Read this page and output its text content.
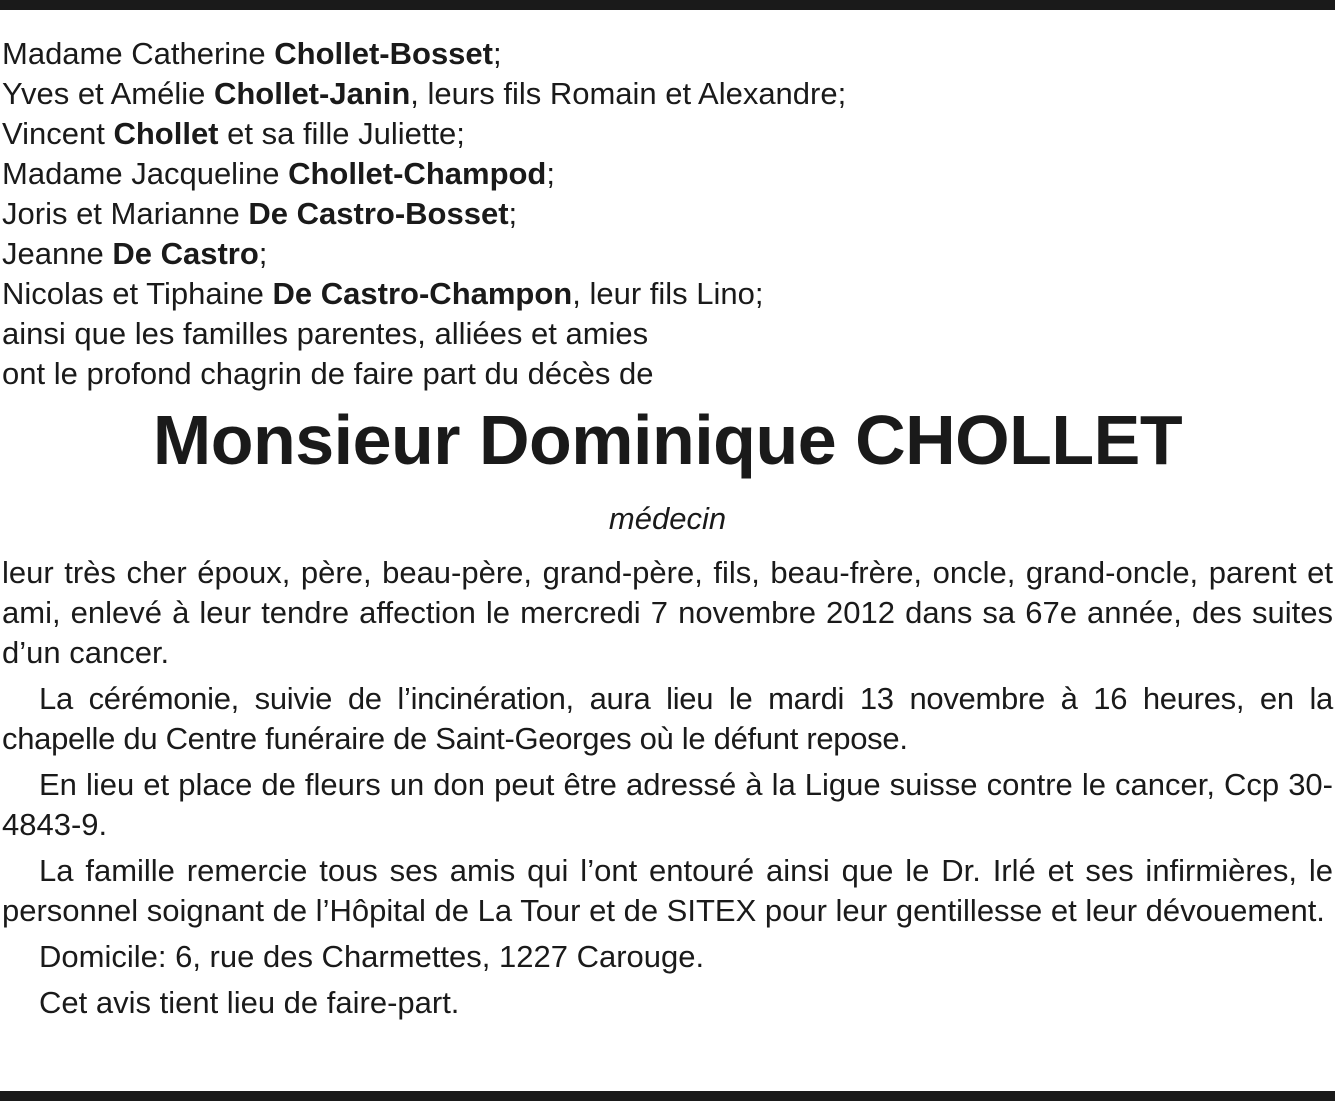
Madame Catherine Chollet-Bosset;
Yves et Amélie Chollet-Janin, leurs fils Romain et Alexandre;
Vincent Chollet et sa fille Juliette;
Madame Jacqueline Chollet-Champod;
Joris et Marianne De Castro-Bosset;
Jeanne De Castro;
Nicolas et Tiphaine De Castro-Champon, leur fils Lino;
ainsi que les familles parentes, alliées et amies
ont le profond chagrin de faire part du décès de
Monsieur Dominique CHOLLET
médecin

leur très cher époux, père, beau-père, grand-père, fils, beau-frère, oncle, grand-oncle, parent et ami, enlevé à leur tendre affection le mercredi 7 novembre 2012 dans sa 67e année, des suites d’un cancer.

La cérémonie, suivie de l’incinération, aura lieu le mardi 13 novembre à 16 heures, en la chapelle du Centre funéraire de Saint-Georges où le défunt repose.

En lieu et place de fleurs un don peut être adressé à la Ligue suisse contre le cancer, Ccp 30-4843-9.

La famille remercie tous ses amis qui l’ont entouré ainsi que le Dr. Irlé et ses infirmières, le personnel soignant de l’Hôpital de La Tour et de SITEX pour leur gentillesse et leur dévouement.

Domicile: 6, rue des Charmettes, 1227 Carouge.

Cet avis tient lieu de faire-part.
